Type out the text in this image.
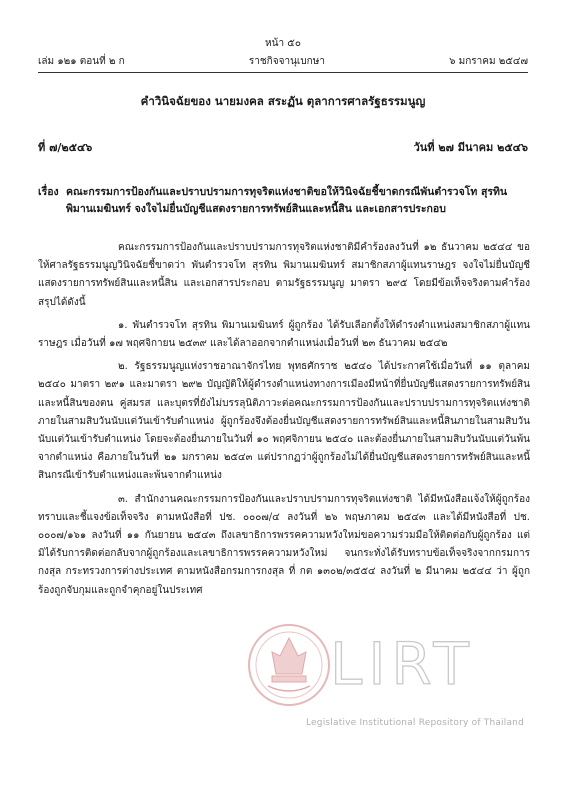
หน้า ๕๐
เล่ม ๑๒๑ ตอนที่ ๒ ก	ราชกิจจานุเบกษา	๖ มกราคม ๒๕๔๗
คำวินิจฉัยของ นายมงคล สระฏัน ตุลาการศาลรัฐธรรมนูญ
ที่ ๗/๒๕๔๖	วันที่ ๒๗ มีนาคม ๒๕๔๖
เรื่อง คณะกรรมการป้องกันและปราบปรามการทุจริตแห่งชาติขอให้วินิจฉัยชี้ขาดกรณีพันตำรวจโท สุรทิน
พิมานเมฆินทร์ จงใจไม่ยื่นบัญชีแสดงรายการทรัพย์สินและหนี้สิน และเอกสารประกอบ

คณะกรรมการป้องกันและปราบปรามการทุจริตแห่งชาติมีคำร้องลงวันที่ ๑๒ ธันวาคม ๒๕๔๔ ขอให้ศาลรัฐธรรมนูญวินิจฉัยชี้ขาดว่า พันตำรวจโท สุรทิน พิมานเมฆินทร์ สมาชิกสภาผู้แทนราษฎร จงใจไม่ยื่นบัญชีแสดงรายการทรัพย์สินและหนี้สิน และเอกสารประกอบ ตามรัฐธรรมนูญ มาตรา ๒๙๕ โดยมีข้อเท็จจริงตามคำร้องสรุปได้ดังนี้

๑. พันตำรวจโท สุรทิน พิมานเมฆินทร์ ผู้ถูกร้อง ได้รับเลือกตั้งให้ดำรงตำแหน่งสมาชิกสภาผู้แทนราษฎร เมื่อวันที่ ๑๗ พฤศจิกายน ๒๕๓๙ และได้ลาออกจากตำแหน่งเมื่อวันที่ ๒๓ ธันวาคม ๒๕๔๒

๒. รัฐธรรมนูญแห่งราชอาณาจักรไทย พุทธศักราช ๒๕๔๐ ได้ประกาศใช้เมื่อวันที่ ๑๑ ตุลาคม ๒๕๔๐ มาตรา ๒๙๑ และมาตรา ๒๙๒ บัญญัติให้ผู้ดำรงตำแหน่งทางการเมืองมีหน้าที่ยื่นบัญชีแสดงรายการทรัพย์สินและหนี้สินของตน คู่สมรส และบุตรที่ยังไม่บรรลุนิติภาวะต่อคณะกรรมการป้องกันและปราบปรามการทุจริตแห่งชาติภายในสามสิบวันนับแต่วันเข้ารับตำแหน่ง ผู้ถูกร้องจึงต้องยื่นบัญชีแสดงรายการทรัพย์สินและหนี้สินภายในสามสิบวันนับแต่วันเข้ารับตำแหน่ง โดยจะต้องยื่นภายในวันที่ ๑๐ พฤศจิกายน ๒๕๔๐ และต้องยื่นภายในสามสิบวันนับแต่วันพ้นจากตำแหน่ง คือภายในวันที่ ๒๑ มกราคม ๒๕๔๓ แต่ปรากฏว่าผู้ถูกร้องไม่ได้ยื่นบัญชีแสดงรายการทรัพย์สินและหนี้สินกรณีเข้ารับตำแหน่งและพ้นจากตำแหน่ง

๓. สำนักงานคณะกรรมการป้องกันและปราบปรามการทุจริตแห่งชาติ ได้มีหนังสือแจ้งให้ผู้ถูกร้องทราบและชี้แจงข้อเท็จจริง ตามหนังสือที่ ปช. ๐๐๐๗/๔ ลงวันที่ ๒๖ พฤษภาคม ๒๕๔๓ และได้มีหนังสือที่ ปช. ๐๐๐๗/๑๖๑ ลงวันที่ ๑๑ กันยายน ๒๕๔๓ ถึงเลขาธิการพรรคความหวังใหม่ขอความร่วมมือให้ติดต่อกับผู้ถูกร้อง แต่มิได้รับการติดต่อกลับจากผู้ถูกร้องและเลขาธิการพรรคความหวังใหม่ จนกระทั่งได้รับทราบข้อเท็จจริงจากกรมการกงสุล กระทรวงการต่างประเทศ ตามหนังสือกรมการกงสุล ที่ กต ๑๓๐๒/๓๕๕๔ ลงวันที่ ๒ มีนาคม ๒๕๔๔ ว่า ผู้ถูกร้องถูกจับกุมและถูกจำคุกอยู่ในประเทศ

LIRT
Legislative Institutional Repository of Thailand
